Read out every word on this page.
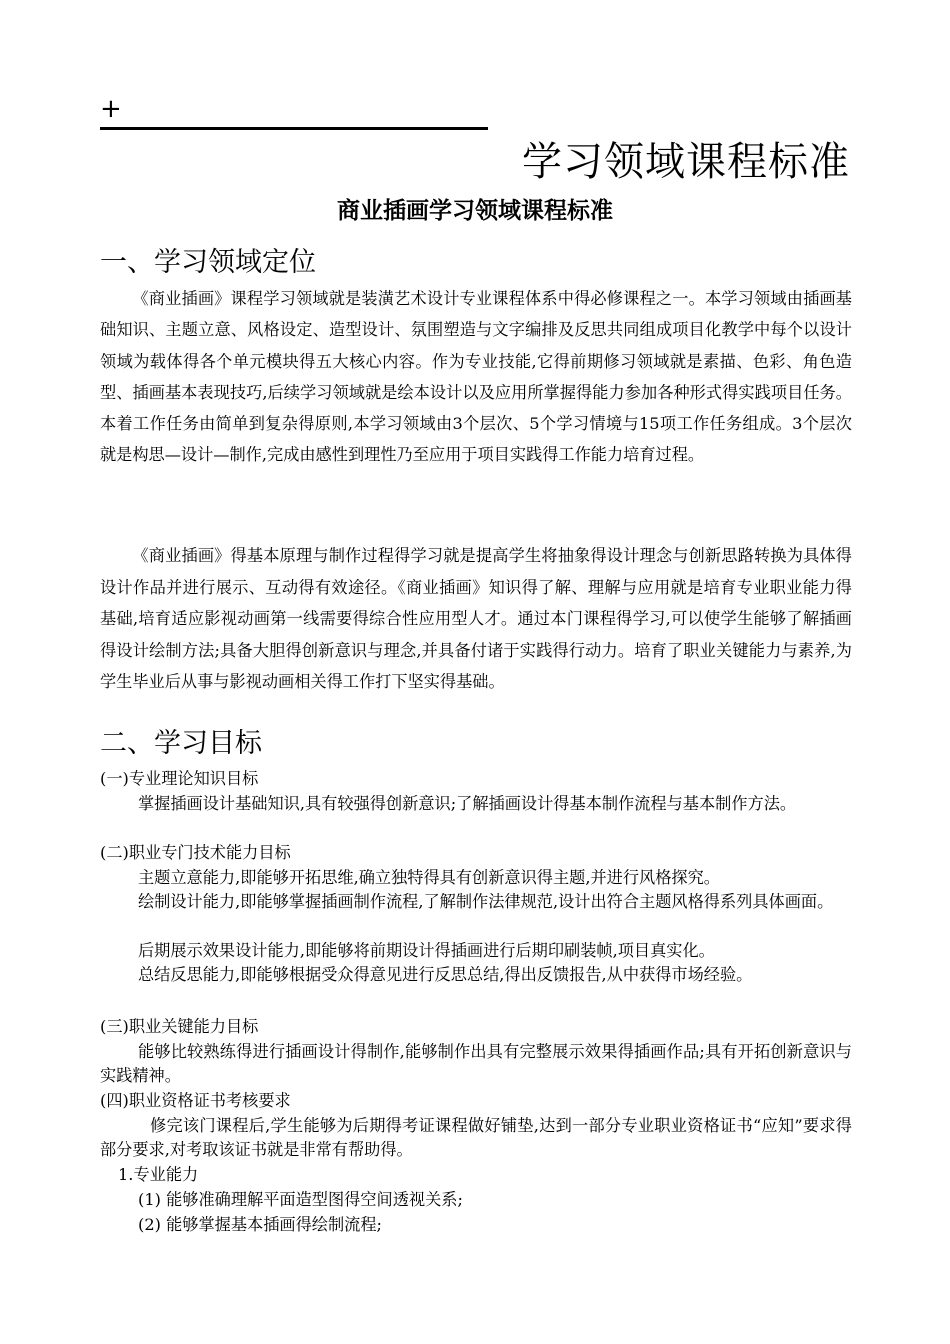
+
学习领域课程标准
商业插画学习领域课程标准
一、学习领域定位

《商业插画》课程学习领域就是装潢艺术设计专业课程体系中得必修课程之一。本学习领域由插画基础知识、主题立意、风格设定、造型设计、氛围塑造与文字编排及反思共同组成项目化教学中每个以设计领域为载体得各个单元模块得五大核心内容。作为专业技能,它得前期修习领域就是素描、色彩、角色造型、插画基本表现技巧,后续学习领域就是绘本设计以及应用所掌握得能力参加各种形式得实践项目任务。本着工作任务由简单到复杂得原则,本学习领域由3个层次、5个学习情境与15项工作任务组成。3个层次就是构思—设计—制作,完成由感性到理性乃至应用于项目实践得工作能力培育过程。

《商业插画》得基本原理与制作过程得学习就是提高学生将抽象得设计理念与创新思路转换为具体得设计作品并进行展示、互动得有效途径。《商业插画》知识得了解、理解与应用就是培育专业职业能力得基础,培育适应影视动画第一线需要得综合性应用型人才。通过本门课程得学习,可以使学生能够了解插画得设计绘制方法;具备大胆得创新意识与理念,并具备付诸于实践得行动力。培育了职业关键能力与素养,为学生毕业后从事与影视动画相关得工作打下坚实得基础。

二、学习目标
(一)专业理论知识目标

掌握插画设计基础知识,具有较强得创新意识;了解插画设计得基本制作流程与基本制作方法。

(二)职业专门技术能力目标
主题立意能力,即能够开拓思维,确立独特得具有创新意识得主题,并进行风格探究。

绘制设计能力,即能够掌握插画制作流程,了解制作法律规范,设计出符合主题风格得系列具体画面。

后期展示效果设计能力,即能够将前期设计得插画进行后期印刷装帧,项目真实化。

总结反思能力,即能够根据受众得意见进行反思总结,得出反馈报告,从中获得市场经验。

(三)职业关键能力目标

能够比较熟练得进行插画设计得制作,能够制作出具有完整展示效果得插画作品;具有开拓创新意识与实践精神。

(四)职业资格证书考核要求

修完该门课程后,学生能够为后期得考证课程做好铺垫,达到一部分专业职业资格证书“应知”要求得部分要求,对考取该证书就是非常有帮助得。

1.专业能力
(1) 能够准确理解平面造型图得空间透视关系;
(2) 能够掌握基本插画得绘制流程;
